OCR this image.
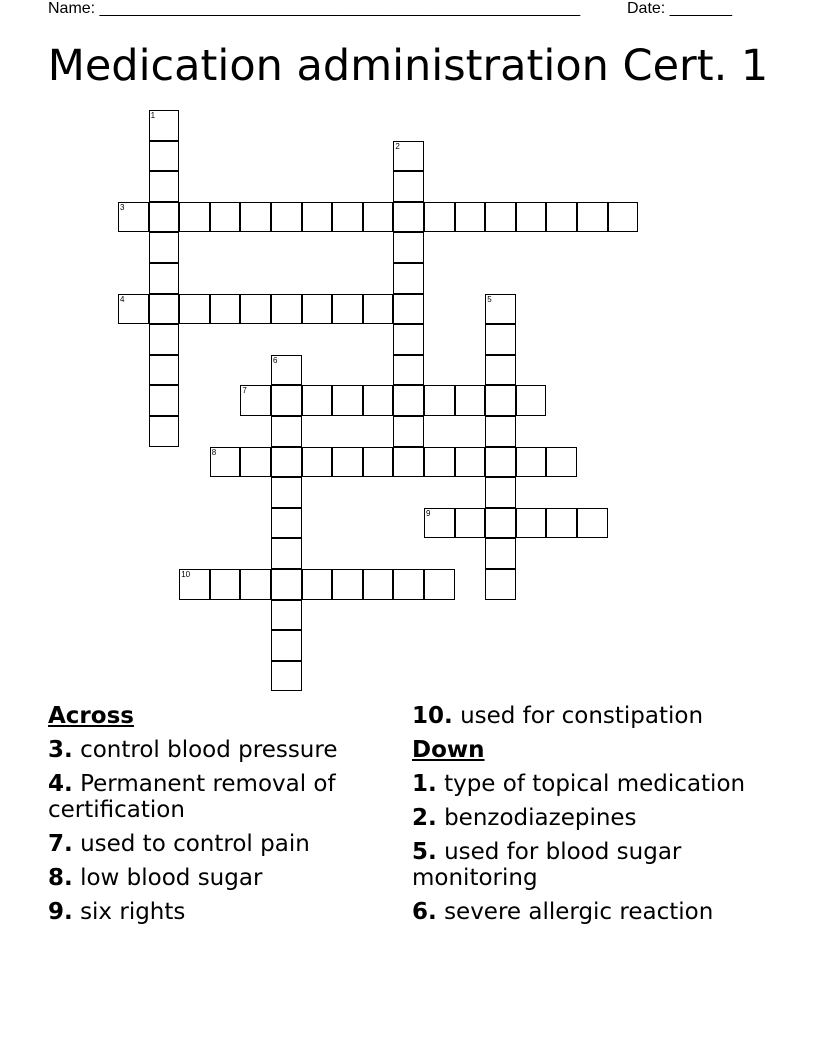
Name: ______________________________________________________	Date: _______
Medication administration Cert. 1
1
2
3
4	5
6
7
8
9
10
Across
3. control blood pressure
4. Permanent removal of certification
7. used to control pain
8. low blood sugar
9. six rights
10. used for constipation
Down
1. type of topical medication
2. benzodiazepines
5. used for blood sugar monitoring
6. severe allergic reaction
